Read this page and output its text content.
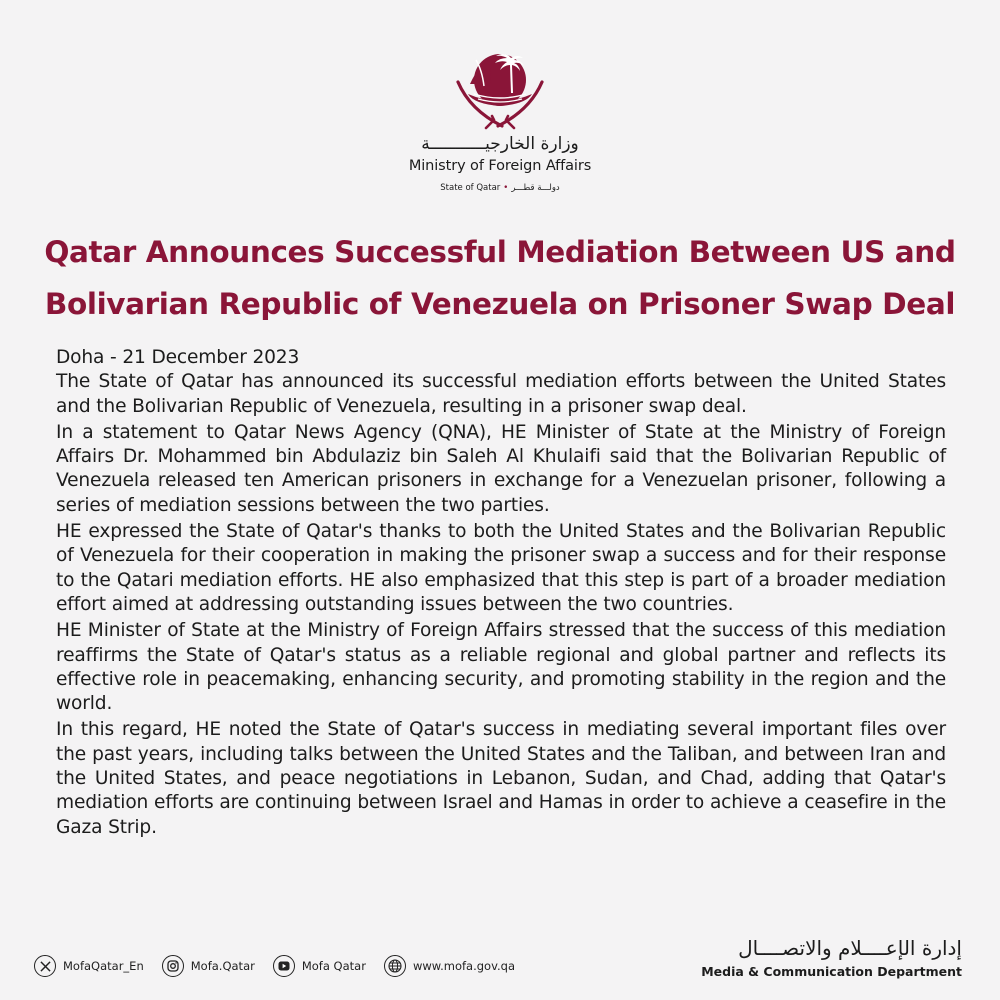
وزارة الخارجيـــــــــــة
Ministry of Foreign Affairs
State of Qatar • دولـــة قطـــر
Qatar Announces Successful Mediation Between US and
Bolivarian Republic of Venezuela on Prisoner Swap Deal

Doha - 21 December 2023

The State of Qatar has announced its successful mediation efforts between the United States and the Bolivarian Republic of Venezuela, resulting in a prisoner swap deal.

In a statement to Qatar News Agency (QNA), HE Minister of State at the Ministry of Foreign Affairs Dr. Mohammed bin Abdulaziz bin Saleh Al Khulaifi said that the Bolivarian Republic of Venezuela released ten American prisoners in exchange for a Venezuelan prisoner, following a series of mediation sessions between the two parties.

HE expressed the State of Qatar's thanks to both the United States and the Bolivarian Republic of Venezuela for their cooperation in making the prisoner swap a success and for their response to the Qatari mediation efforts. HE also emphasized that this step is part of a broader mediation effort aimed at addressing outstanding issues between the two countries.

HE Minister of State at the Ministry of Foreign Affairs stressed that the success of this mediation reaffirms the State of Qatar's status as a reliable regional and global partner and reflects its effective role in peacemaking, enhancing security, and promoting stability in the region and the world.

In this regard, HE noted the State of Qatar's success in mediating several important files over the past years, including talks between the United States and the Taliban, and between Iran and the United States, and peace negotiations in Lebanon, Sudan, and Chad, adding that Qatar's mediation efforts are continuing between Israel and Hamas in order to achieve a ceasefire in the Gaza Strip.

MofaQatar_En	Mofa.Qatar	Mofa Qatar	www.mofa.gov.qa
إدارة الإعــــلام والاتصــــال
Media & Communication Department
